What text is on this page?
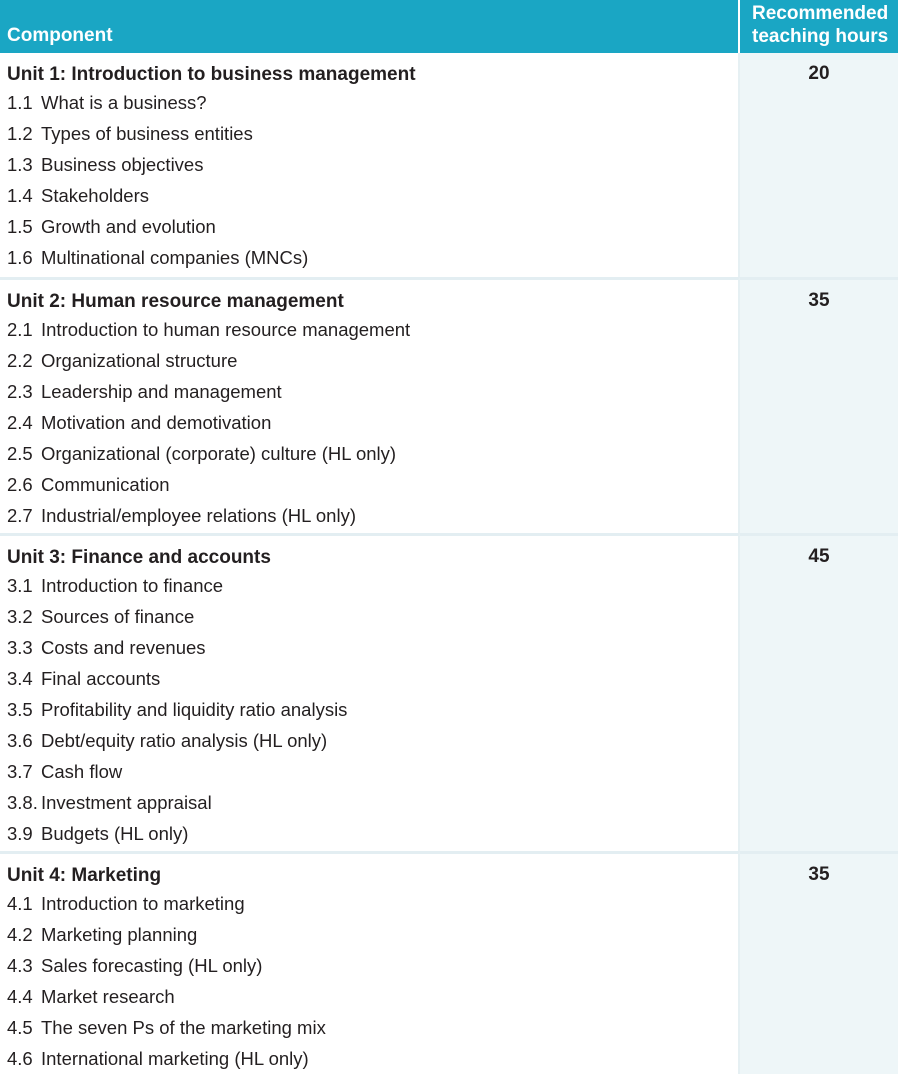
Component
Recommended
teaching hours
Unit 1: Introduction to business management
1.1 What is a business?
1.2 Types of business entities
1.3 Business objectives
1.4 Stakeholders
1.5 Growth and evolution
1.6 Multinational companies (MNCs)
20
Unit 2: Human resource management
2.1 Introduction to human resource management
2.2 Organizational structure
2.3 Leadership and management
2.4 Motivation and demotivation
2.5 Organizational (corporate) culture (HL only)
2.6 Communication
2.7 Industrial/employee relations (HL only)
35
Unit 3: Finance and accounts
3.1 Introduction to finance
3.2 Sources of finance
3.3 Costs and revenues
3.4 Final accounts
3.5 Profitability and liquidity ratio analysis
3.6 Debt/equity ratio analysis (HL only)
3.7 Cash flow
3.8. Investment appraisal
3.9 Budgets (HL only)
45
Unit 4: Marketing
4.1 Introduction to marketing
4.2 Marketing planning
4.3 Sales forecasting (HL only)
4.4 Market research
4.5 The seven Ps of the marketing mix
4.6 International marketing (HL only)
35
